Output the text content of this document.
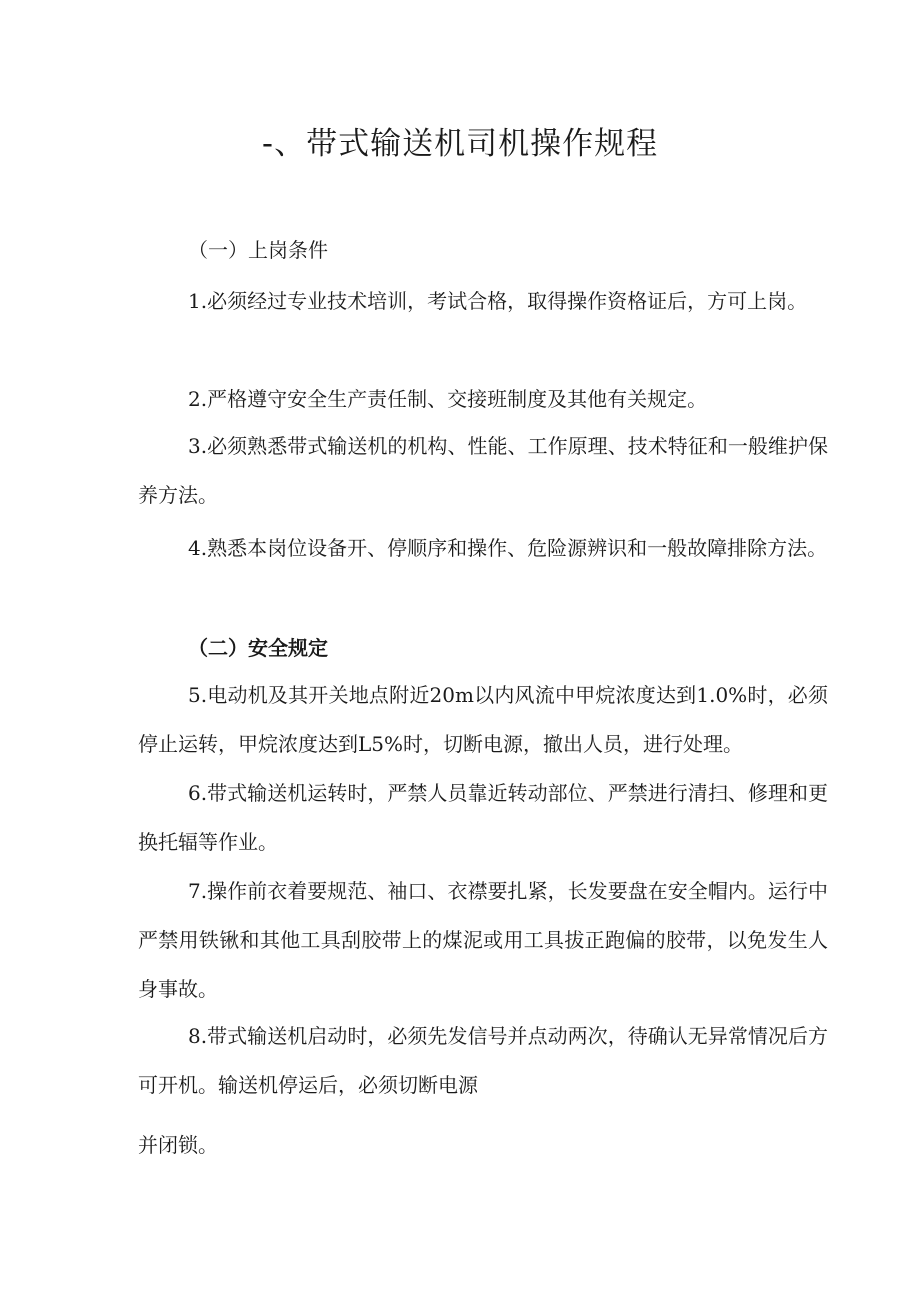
-、带式输送机司机操作规程
（一）上岗条件

1.必须经过专业技术培训，考试合格，取得操作资格证后，方可上岗。

2.严格遵守安全生产责任制、交接班制度及其他有关规定。

3.必须熟悉带式输送机的机构、性能、工作原理、技术特征和一般维护保养方法。

4.熟悉本岗位设备开、停顺序和操作、危险源辨识和一般故障排除方法。

（二）安全规定

5.电动机及其开关地点附近20m以内风流中甲烷浓度达到1.0%时，必须停止运转，甲烷浓度达到L5%时，切断电源，撤出人员，进行处理。

6.带式输送机运转时，严禁人员靠近转动部位、严禁进行清扫、修理和更换托辐等作业。

7.操作前衣着要规范、袖口、衣襟要扎紧，长发要盘在安全帽内。运行中严禁用铁锹和其他工具刮胶带上的煤泥或用工具拔正跑偏的胶带，以免发生人身事故。

8.带式输送机启动时，必须先发信号并点动两次，待确认无异常情况后方可开机。输送机停运后，必须切断电源

并闭锁。
